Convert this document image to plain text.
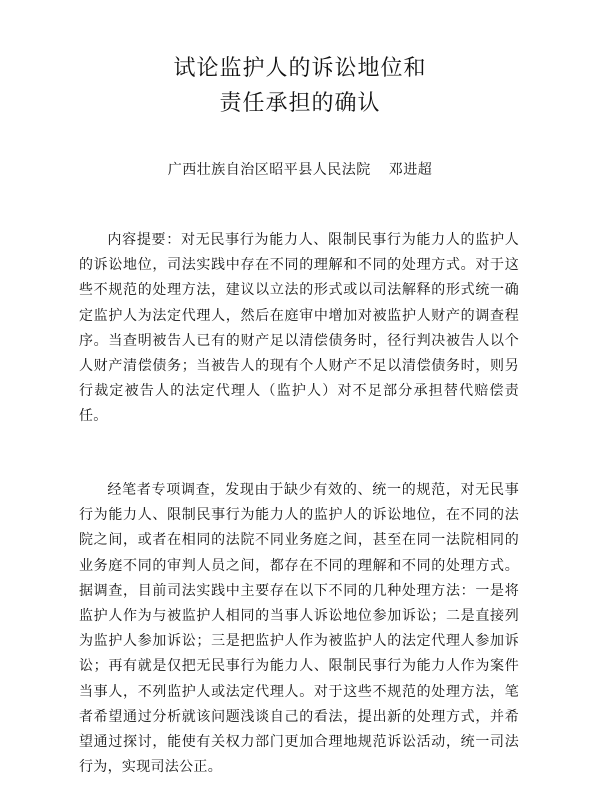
试论监护人的诉讼地位和
责任承担的确认
广西壮族自治区昭平县人民法院 邓进超

内容提要：对无民事行为能力人、限制民事行为能力人的监护人的诉讼地位，司法实践中存在不同的理解和不同的处理方式。对于这些不规范的处理方法，建议以立法的形式或以司法解释的形式统一确定监护人为法定代理人，然后在庭审中增加对被监护人财产的调查程序。当查明被告人已有的财产足以清偿债务时，径行判决被告人以个人财产清偿债务；当被告人的现有个人财产不足以清偿债务时，则另行裁定被告人的法定代理人（监护人）对不足部分承担替代赔偿责任。

经笔者专项调查，发现由于缺少有效的、统一的规范，对无民事行为能力人、限制民事行为能力人的监护人的诉讼地位，在不同的法院之间，或者在相同的法院不同业务庭之间，甚至在同一法院相同的业务庭不同的审判人员之间，都存在不同的理解和不同的处理方式。据调查，目前司法实践中主要存在以下不同的几种处理方法：一是将监护人作为与被监护人相同的当事人诉讼地位参加诉讼；二是直接列为监护人参加诉讼；三是把监护人作为被监护人的法定代理人参加诉讼；再有就是仅把无民事行为能力人、限制民事行为能力人作为案件当事人，不列监护人或法定代理人。对于这些不规范的处理方法，笔者希望通过分析就该问题浅谈自己的看法，提出新的处理方式，并希望通过探讨，能使有关权力部门更加合理地规范诉讼活动，统一司法行为，实现司法公正。
